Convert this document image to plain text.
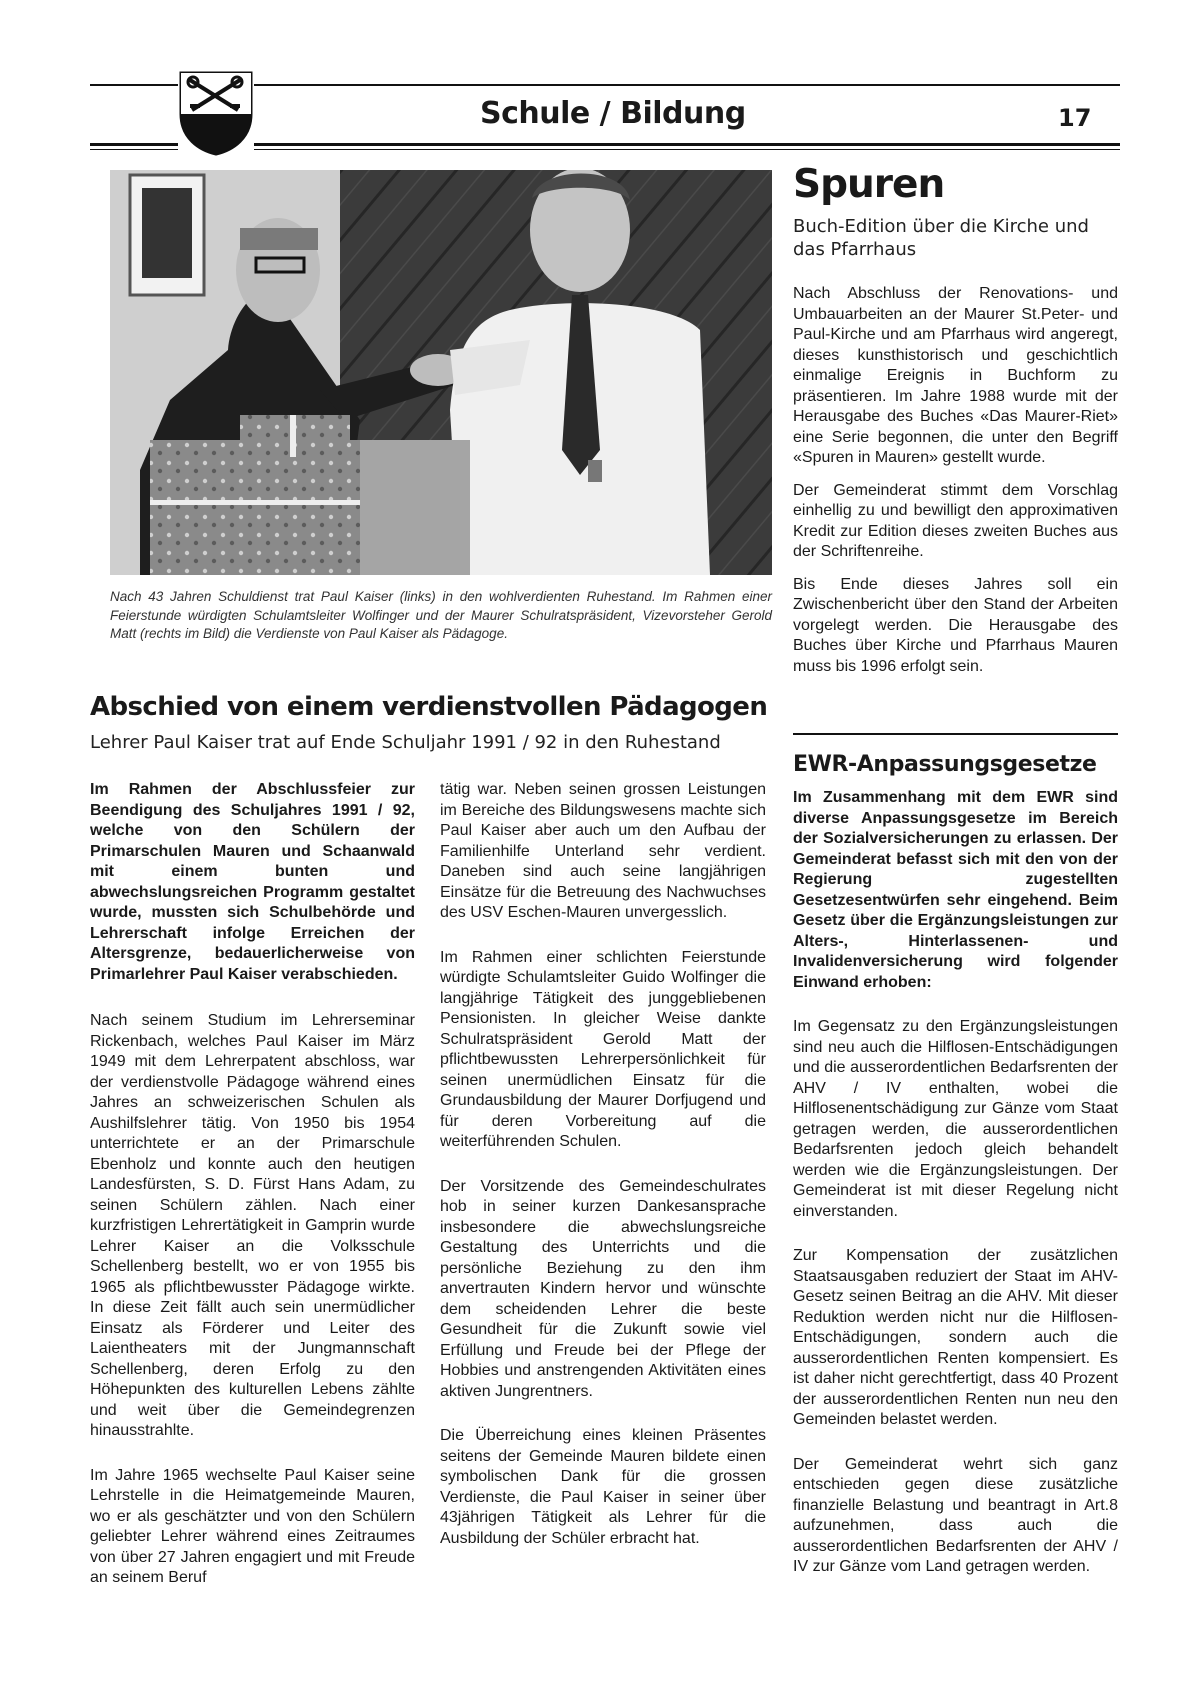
Schule / Bildung	17
Nach 43 Jahren Schuldienst trat Paul Kaiser (links) in den wohlverdienten Ruhestand. Im Rahmen einer Feierstunde würdigten Schulamtsleiter Wolfinger und der Maurer Schulratspräsident, Vizevorsteher Gerold Matt (rechts im Bild) die Verdienste von Paul Kaiser als Pädagoge.
Spuren
Buch-Edition über die Kirche und das Pfarrhaus

Nach Abschluss der Renovations- und Umbauarbeiten an der Maurer St.Peter- und Paul-Kirche und am Pfarrhaus wird angeregt, dieses kunsthistorisch und geschichtlich einmalige Ereignis in Buchform zu präsentieren. Im Jahre 1988 wurde mit der Herausgabe des Buches «Das Maurer-Riet» eine Serie begonnen, die unter den Begriff «Spuren in Mauren» gestellt wurde.

Der Gemeinderat stimmt dem Vorschlag einhellig zu und bewilligt den approximativen Kredit zur Edition dieses zweiten Buches aus der Schriftenreihe.

Bis Ende dieses Jahres soll ein Zwischenbericht über den Stand der Arbeiten vorgelegt werden. Die Herausgabe des Buches über Kirche und Pfarrhaus Mauren muss bis 1996 erfolgt sein.

EWR-Anpassungsgesetze

Im Zusammenhang mit dem EWR sind diverse Anpassungsgesetze im Bereich der Sozialversicherungen zu erlassen. Der Gemeinderat befasst sich mit den von der Regierung zugestellten Gesetzesentwürfen sehr eingehend. Beim Gesetz über die Ergänzungsleistungen zur Alters-, Hinterlassenen- und Invalidenversicherung wird folgender Einwand erhoben:

Im Gegensatz zu den Ergänzungsleistungen sind neu auch die Hilflosen-Entschädigungen und die ausserordentlichen Bedarfsrenten der AHV / IV enthalten, wobei die Hilflosenentschädigung zur Gänze vom Staat getragen werden, die ausserordentlichen Bedarfsrenten jedoch gleich behandelt werden wie die Ergänzungsleistungen. Der Gemeinderat ist mit dieser Regelung nicht einverstanden.

Zur Kompensation der zusätzlichen Staatsausgaben reduziert der Staat im AHV-Gesetz seinen Beitrag an die AHV. Mit dieser Reduktion werden nicht nur die Hilflosen-Entschädigungen, sondern auch die ausserordentlichen Renten kompensiert. Es ist daher nicht gerechtfertigt, dass 40 Prozent der ausserordentlichen Renten nun neu den Gemeinden belastet werden.

Der Gemeinderat wehrt sich ganz entschieden gegen diese zusätzliche finanzielle Belastung und beantragt in Art.8 aufzunehmen, dass auch die ausserordentlichen Bedarfsrenten der AHV / IV zur Gänze vom Land getragen werden.

Abschied von einem verdienstvollen Pädagogen
Lehrer Paul Kaiser trat auf Ende Schuljahr 1991 / 92 in den Ruhestand

Im Rahmen der Abschlussfeier zur Beendigung des Schuljahres 1991 / 92, welche von den Schülern der Primarschulen Mauren und Schaanwald mit einem bunten und abwechslungsreichen Programm gestaltet wurde, mussten sich Schulbehörde und Lehrerschaft infolge Erreichen der Altersgrenze, bedauerlicherweise von Primarlehrer Paul Kaiser verabschieden.

Nach seinem Studium im Lehrerseminar Rickenbach, welches Paul Kaiser im März 1949 mit dem Lehrerpatent abschloss, war der verdienstvolle Pädagoge während eines Jahres an schweizerischen Schulen als Aushilfslehrer tätig. Von 1950 bis 1954 unterrichtete er an der Primarschule Ebenholz und konnte auch den heutigen Landesfürsten, S. D. Fürst Hans Adam, zu seinen Schülern zählen. Nach einer kurzfristigen Lehrertätigkeit in Gamprin wurde Lehrer Kaiser an die Volksschule Schellenberg bestellt, wo er von 1955 bis 1965 als pflichtbewusster Pädagoge wirkte. In diese Zeit fällt auch sein unermüdlicher Einsatz als Förderer und Leiter des Laientheaters mit der Jungmannschaft Schellenberg, deren Erfolg zu den Höhepunkten des kulturellen Lebens zählte und weit über die Gemeindegrenzen hinausstrahlte.

Im Jahre 1965 wechselte Paul Kaiser seine Lehrstelle in die Heimatgemeinde Mauren, wo er als geschätzter und von den Schülern geliebter Lehrer während eines Zeitraumes von über 27 Jahren engagiert und mit Freude an seinem Beruf

tätig war. Neben seinen grossen Leistungen im Bereiche des Bildungswesens machte sich Paul Kaiser aber auch um den Aufbau der Familienhilfe Unterland sehr verdient. Daneben sind auch seine langjährigen Einsätze für die Betreuung des Nachwuchses des USV Eschen-Mauren unvergesslich.

Im Rahmen einer schlichten Feierstunde würdigte Schulamtsleiter Guido Wolfinger die langjährige Tätigkeit des junggebliebenen Pensionisten. In gleicher Weise dankte Schulratspräsident Gerold Matt der pflichtbewussten Lehrerpersönlichkeit für seinen unermüdlichen Einsatz für die Grundausbildung der Maurer Dorfjugend und für deren Vorbereitung auf die weiterführenden Schulen.

Der Vorsitzende des Gemeindeschulrates hob in seiner kurzen Dankesansprache insbesondere die abwechslungsreiche Gestaltung des Unterrichts und die persönliche Beziehung zu den ihm anvertrauten Kindern hervor und wünschte dem scheidenden Lehrer die beste Gesundheit für die Zukunft sowie viel Erfüllung und Freude bei der Pflege der Hobbies und anstrengenden Aktivitäten eines aktiven Jungrentners.

Die Überreichung eines kleinen Präsentes seitens der Gemeinde Mauren bildete einen symbolischen Dank für die grossen Verdienste, die Paul Kaiser in seiner über 43jährigen Tätigkeit als Lehrer für die Ausbildung der Schüler erbracht hat.
